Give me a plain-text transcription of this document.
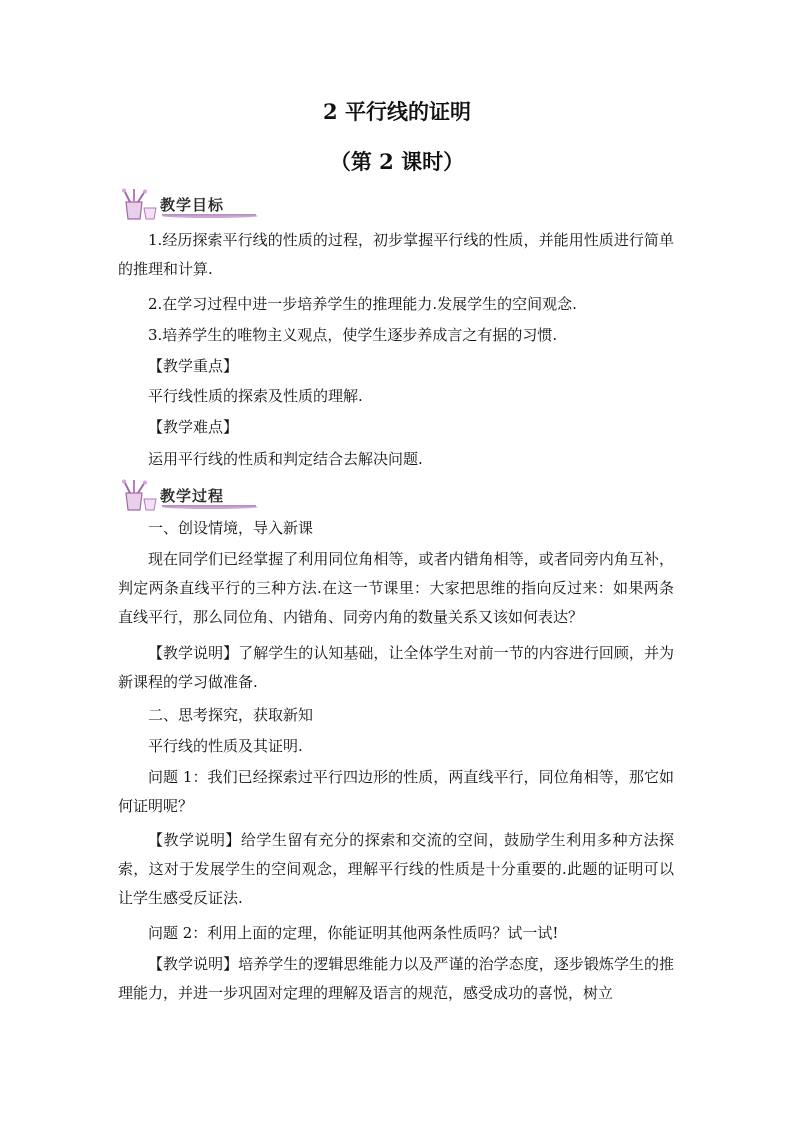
2 平行线的证明
（第 2 课时）
教学目标

1.经历探索平行线的性质的过程，初步掌握平行线的性质，并能用性质进行简单的推理和计算.

2.在学习过程中进一步培养学生的推理能力.发展学生的空间观念.

3.培养学生的唯物主义观点，使学生逐步养成言之有据的习惯.

【教学重点】

平行线性质的探索及性质的理解.

【教学难点】

运用平行线的性质和判定结合去解决问题.

教学过程

一、创设情境，导入新课

现在同学们已经掌握了利用同位角相等，或者内错角相等，或者同旁内角互补，判定两条直线平行的三种方法.在这一节课里：大家把思维的指向反过来：如果两条直线平行，那么同位角、内错角、同旁内角的数量关系又该如何表达？

【教学说明】了解学生的认知基础，让全体学生对前一节的内容进行回顾，并为新课程的学习做准备.

二、思考探究，获取新知

平行线的性质及其证明.

问题 1：我们已经探索过平行四边形的性质，两直线平行，同位角相等，那它如何证明呢？

【教学说明】给学生留有充分的探索和交流的空间，鼓励学生利用多种方法探索，这对于发展学生的空间观念，理解平行线的性质是十分重要的.此题的证明可以让学生感受反证法.

问题 2：利用上面的定理，你能证明其他两条性质吗？试一试!

【教学说明】培养学生的逻辑思维能力以及严谨的治学态度，逐步锻炼学生的推理能力，并进一步巩固对定理的理解及语言的规范，感受成功的喜悦，树立
